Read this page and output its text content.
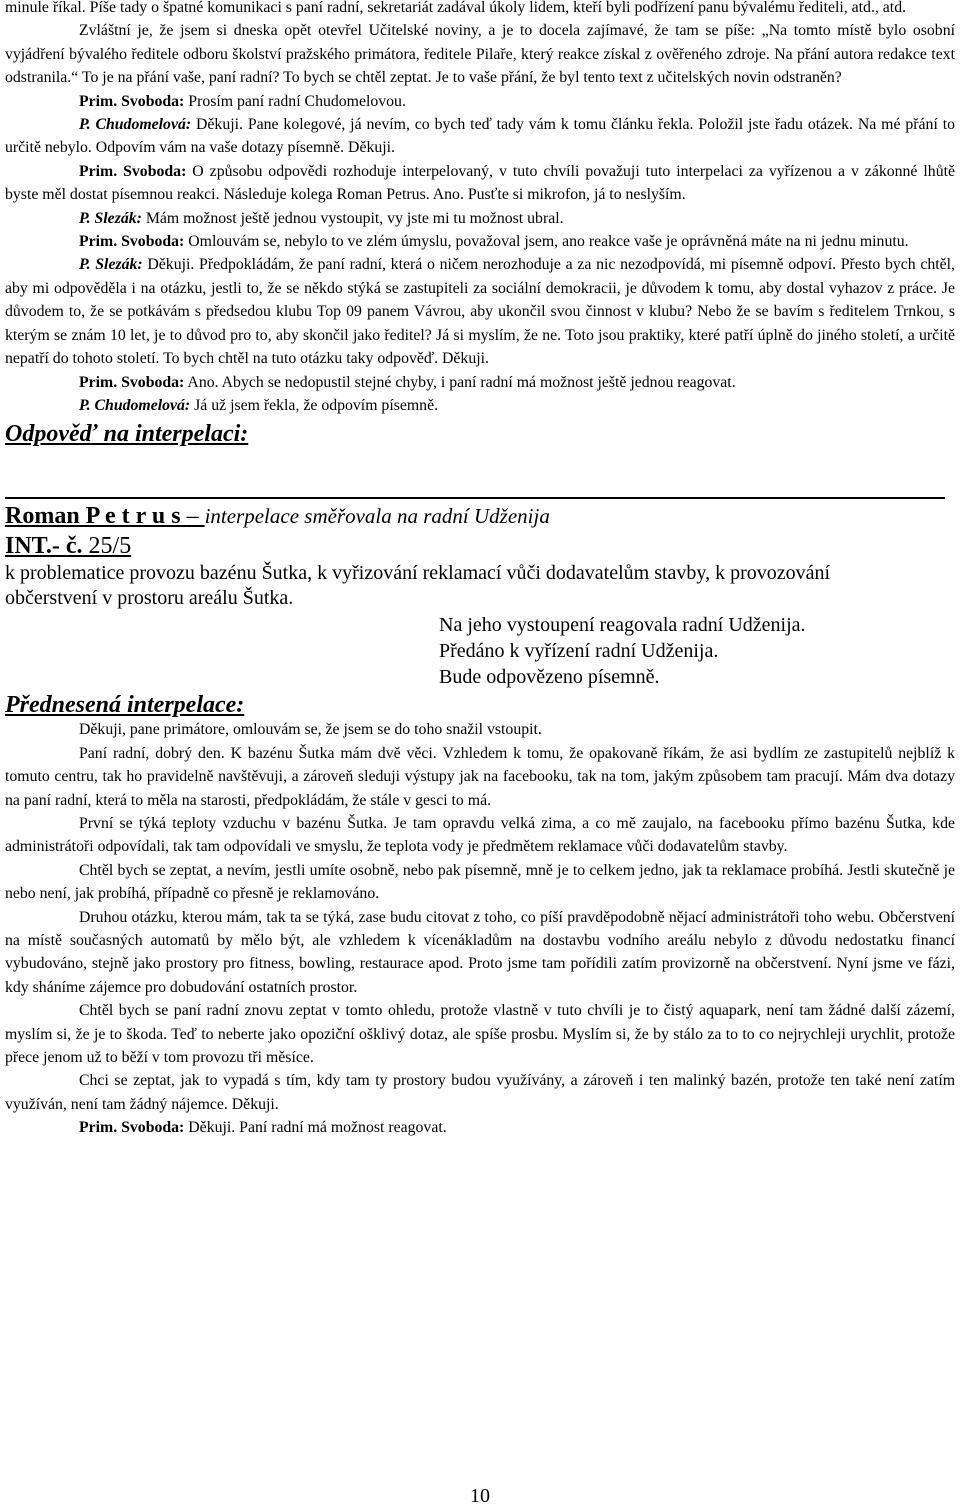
minule říkal. Píše tady o špatné komunikaci s paní radní, sekretariát zadával úkoly lidem, kteří byli podřízení panu bývalému řediteli, atd., atd.

Zvláštní je, že jsem si dneska opět otevřel Učitelské noviny, a je to docela zajímavé, že tam se píše: „Na tomto místě bylo osobní vyjádření bývalého ředitele odboru školství pražského primátora, ředitele Pilaře, který reakce získal z ověřeného zdroje. Na přání autora redakce text odstranila.“ To je na přání vaše, paní radní? To bych se chtěl zeptat. Je to vaše přání, že byl tento text z učitelských novin odstraněn?

Prim. Svoboda: Prosím paní radní Chudomelovou.

P. Chudomelová: Děkuji. Pane kolegové, já nevím, co bych teď tady vám k tomu článku řekla. Položil jste řadu otázek. Na mé přání to určitě nebylo. Odpovím vám na vaše dotazy písemně. Děkuji.

Prim. Svoboda: O způsobu odpovědi rozhoduje interpelovaný, v tuto chvíli považuji tuto interpelaci za vyřízenou a v zákonné lhůtě byste měl dostat písemnou reakci. Následuje kolega Roman Petrus. Ano. Pusťte si mikrofon, já to neslyším.

P. Slezák: Mám možnost ještě jednou vystoupit, vy jste mi tu možnost ubral.

Prim. Svoboda: Omlouvám se, nebylo to ve zlém úmyslu, považoval jsem, ano reakce vaše je oprávněná máte na ni jednu minutu.

P. Slezák: Děkuji. Předpokládám, že paní radní, která o ničem nerozhoduje a za nic nezodpovídá, mi písemně odpoví. Přesto bych chtěl, aby mi odpověděla i na otázku, jestli to, že se někdo stýká se zastupiteli za sociální demokracii, je důvodem k tomu, aby dostal vyhazov z práce. Je důvodem to, že se potkávám s předsedou klubu Top 09 panem Vávrou, aby ukončil svou činnost v klubu? Nebo že se bavím s ředitelem Trnkou, s kterým se znám 10 let, je to důvod pro to, aby skončil jako ředitel? Já si myslím, že ne. Toto jsou praktiky, které patří úplně do jiného století, a určitě nepatří do tohoto století. To bych chtěl na tuto otázku taky odpověď. Děkuji.

Prim. Svoboda: Ano. Abych se nedopustil stejné chyby, i paní radní má možnost ještě jednou reagovat.

P. Chudomelová: Já už jsem řekla, že odpovím písemně.

Odpověď na interpelaci:

Roman P e t r u s – interpelace směřovala na radní Udženija

INT.- č. 25/5

k problematice provozu bazénu Šutka, k vyřizování reklamací vůči dodavatelům stavby, k provozování občerstvení v prostoru areálu Šutka.

Na jeho vystoupení reagovala radní Udženija.
Předáno k vyřízení radní Udženija.
Bude odpovězeno písemně.

Přednesená interpelace:

Děkuji, pane primátore, omlouvám se, že jsem se do toho snažil vstoupit.

Paní radní, dobrý den. K bazénu Šutka mám dvě věci. Vzhledem k tomu, že opakovaně říkám, že asi bydlím ze zastupitelů nejblíž k tomuto centru, tak ho pravidelně navštěvuji, a zároveň sleduji výstupy jak na facebooku, tak na tom, jakým způsobem tam pracují. Mám dva dotazy na paní radní, která to měla na starosti, předpokládám, že stále v gesci to má.

První se týká teploty vzduchu v bazénu Šutka. Je tam opravdu velká zima, a co mě zaujalo, na facebooku přímo bazénu Šutka, kde administrátoři odpovídali, tak tam odpovídali ve smyslu, že teplota vody je předmětem reklamace vůči dodavatelům stavby.

Chtěl bych se zeptat, a nevím, jestli umíte osobně, nebo pak písemně, mně je to celkem jedno, jak ta reklamace probíhá. Jestli skutečně je nebo není, jak probíhá, případně co přesně je reklamováno.

Druhou otázku, kterou mám, tak ta se týká, zase budu citovat z toho, co píší pravděpodobně nějací administrátoři toho webu. Občerstvení na místě současných automatů by mělo být, ale vzhledem k vícenákladům na dostavbu vodního areálu nebylo z důvodu nedostatku financí vybudováno, stejně jako prostory pro fitness, bowling, restaurace apod. Proto jsme tam pořídili zatím provizorně na občerstvení. Nyní jsme ve fázi, kdy sháníme zájemce pro dobudování ostatních prostor.

Chtěl bych se paní radní znovu zeptat v tomto ohledu, protože vlastně v tuto chvíli je to čistý aquapark, není tam žádné další zázemí, myslím si, že je to škoda. Teď to neberte jako opoziční ošklivý dotaz, ale spíše prosbu. Myslím si, že by stálo za to to co nejrychleji urychlit, protože přece jenom už to běží v tom provozu tři měsíce.

Chci se zeptat, jak to vypadá s tím, kdy tam ty prostory budou využívány, a zároveň i ten malinký bazén, protože ten také není zatím využíván, není tam žádný nájemce. Děkuji.

Prim. Svoboda: Děkuji. Paní radní má možnost reagovat.

10
